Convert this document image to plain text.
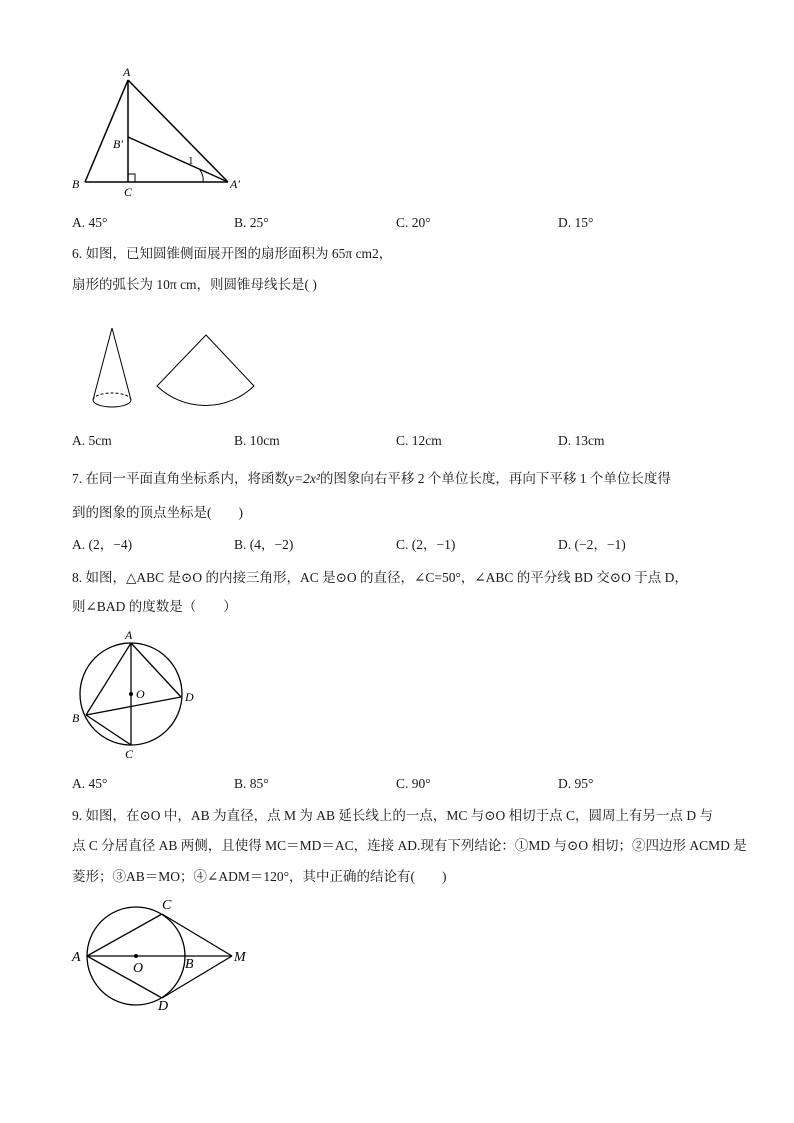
A
B′
1
B
C
A′
A. 45°	B. 25°	C. 20°	D. 15°
6. 如图，已知圆锥侧面展开图的扇形面积为 65π cm2，
扇形的弧长为 10π cm，则圆锥母线长是( )
A. 5cm	B. 10cm	C. 12cm	D. 13cm
7. 在同一平面直角坐标系内，将函数y=2x²的图象向右平移 2 个单位长度，再向下平移 1 个单位长度得
到的图象的顶点坐标是(　　)
A. (2，−4)	B. (4，−2)	C. (2，−1)	D. (−2，−1)
8. 如图，△ABC 是⊙O 的内接三角形，AC 是⊙O 的直径，∠C=50°，∠ABC 的平分线 BD 交⊙O 于点 D，
则∠BAD 的度数是（　　）
A
O	D
B
C
A. 45°	B. 85°	C. 90°	D. 95°
9. 如图，在⊙O 中，AB 为直径，点 M 为 AB 延长线上的一点，MC 与⊙O 相切于点 C，圆周上有另一点 D 与
点 C 分居直径 AB 两侧，且使得 MC＝MD＝AC，连接 AD.现有下列结论：①MD 与⊙O 相切；②四边形 ACMD 是
菱形；③AB＝MO；④∠ADM＝120°，其中正确的结论有(　　)
C
A
O	B	M
D
